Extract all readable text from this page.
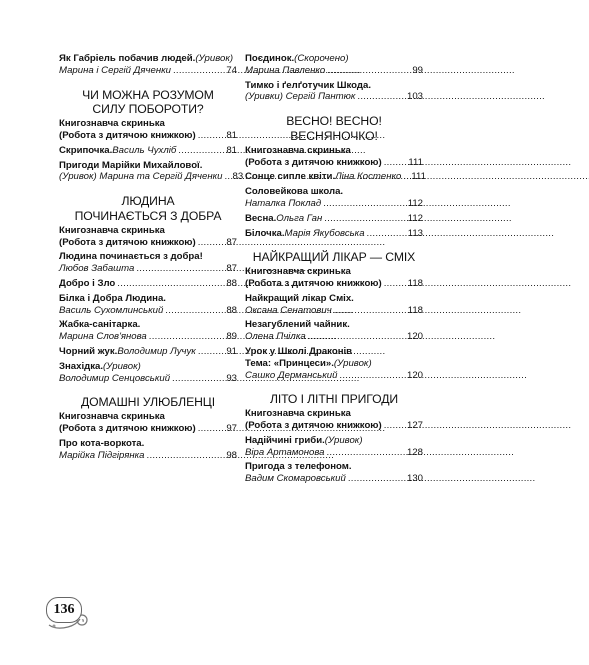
Як Габріель побачив людей. (Уривок)
Марина і Сергій Дяченки . . .	74
ЧИ МОЖНА РОЗУМОМ
СИЛУ ПОБОРОТИ?
Книгознавча скринька
(Робота з дитячою книжкою) . . .	81
Скрипочка. Василь Чухліб . . .	81
Пригоди Марійки Михайлової.
(Уривок) Марина та Сергій Дяченки . . . 83
ЛЮДИНА
ПОЧИНАЄТЬСЯ З ДОБРА
Книгознавча скринька
(Робота з дитячою книжкою) . . .	87
Людина починається з добра!
Любов Забашта . . .	87
Добро і Зло . . .	88
Білка і Добра Людина.
Василь Сухомлинський . . .	88
Жабка-санітарка.
Марина Слов'янова . . .	89
Чорний жук. Володимир Лучук . . .	91
Знахідка. (Уривок)
Володимир Сенцовський . . .	93
ДОМАШНІ УЛЮБЛЕНЦІ
Книгознавча скринька
(Робота з дитячою книжкою) . . .	97
Про кота-воркота.
Марійка Підгірянка . . .	98
Поєдинок. (Скорочено)
Марина Павленко . . .	99
Тимко і ґелґотучик Шкода.
(Уривки) Сергій Пантюк . . .	103
ВЕСНО! ВЕСНО!
ВЕСНЯНОЧКО!
Книгознавча скринька
(Робота з дитячою книжкою) . . .	111
Сонце сипле квіти. Ліна Костенко . . . 111
Соловейкова школа.
Наталка Поклад . . .	112
Весна. Ольга Ган . . .	112
Білочка. Марія Якубовська . . .	113
НАЙКРАЩИЙ ЛІКАР — СМІХ
Книгознавча скринька
(Робота з дитячою книжкою) . . .	118
Найкращий лікар Сміх.
Оксана Сенатович . . .	118
Незагублений чайник.
Олена Пчілка . . .	120
Урок у Школі Драконів
Тема: «Принцеси». (Уривок)
Сашко Дерманський . . .	120
ЛІТО І ЛІТНІ ПРИГОДИ
Книгознавча скринька
(Робота з дитячою книжкою) . . .	127
Надійчині гриби. (Уривок)
Віра Артамонова . . .	128
Пригода з телефоном.
Вадим Скомаровський . . .	130
136
